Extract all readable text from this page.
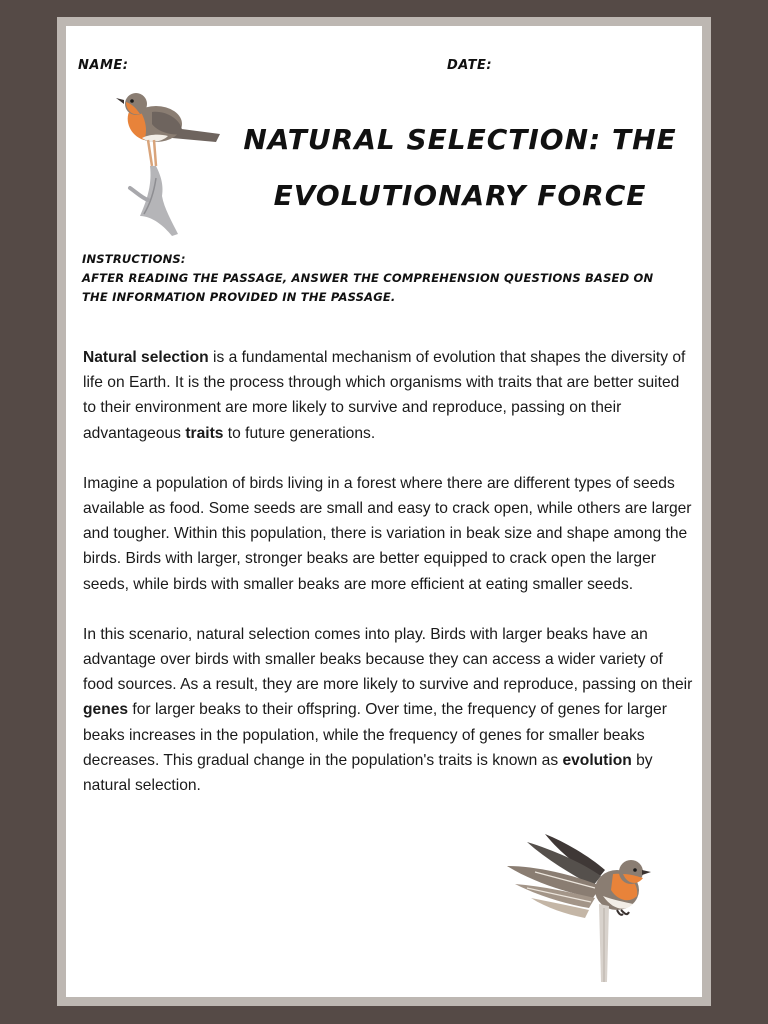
NAME:	DATE:
NATURAL SELECTION: THE
EVOLUTIONARY FORCE
INSTRUCTIONS:
AFTER READING THE PASSAGE, ANSWER THE COMPREHENSION QUESTIONS BASED ON THE INFORMATION PROVIDED IN THE PASSAGE.

Natural selection is a fundamental mechanism of evolution that shapes the diversity of life on Earth. It is the process through which organisms with traits that are better suited to their environment are more likely to survive and reproduce, passing on their advantageous traits to future generations.

Imagine a population of birds living in a forest where there are different types of seeds available as food. Some seeds are small and easy to crack open, while others are larger and tougher. Within this population, there is variation in beak size and shape among the birds. Birds with larger, stronger beaks are better equipped to crack open the larger seeds, while birds with smaller beaks are more efficient at eating smaller seeds.

In this scenario, natural selection comes into play. Birds with larger beaks have an advantage over birds with smaller beaks because they can access a wider variety of food sources. As a result, they are more likely to survive and reproduce, passing on their genes for larger beaks to their offspring. Over time, the frequency of genes for larger beaks increases in the population, while the frequency of genes for smaller beaks decreases. This gradual change in the population's traits is known as evolution by natural selection.
